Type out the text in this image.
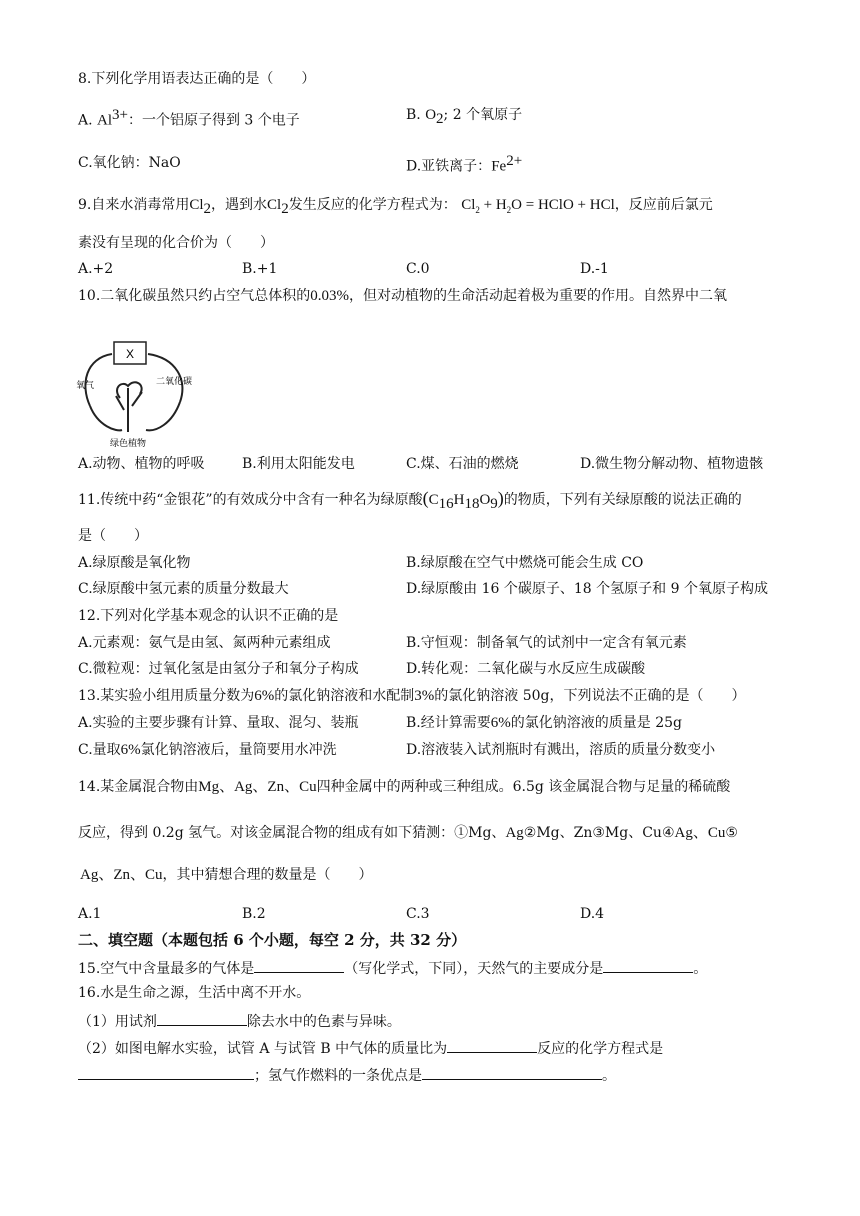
8.下列化学用语表达正确的是（　　）
A. $Al^{3+}$：一个铝原子得到 3 个电子	B. $O_2$; 2 个氧原子
C.氧化钠：NaO	D.亚铁离子：$Fe^{2+}$
9.自来水消毒常用$Cl_2$，遇到水$Cl_2$发生反应的化学方程式为： $Cl_2 + H_2O$ = HClO + HCl，反应前后氯元
素没有呈现的化合价为（　　）
A.+2	B.+1	C.0	D.-1
10.二氧化碳虽然只约占空气总体积的0.03%，但对动植物的生命活动起着极为重要的作用。自然界中二氧
X
氧气	二氧化碳
绿色植物
A.动物、植物的呼吸	B.利用太阳能发电	C.煤、石油的燃烧	D.微生物分解动物、植物遗骸
11.传统中药“金银花”的有效成分中含有一种名为绿原酸$(C_{16}H_{18}O_9)$的物质，下列有关绿原酸的说法正确的
是（　　）
A.绿原酸是氧化物	B.绿原酸在空气中燃烧可能会生成 CO
C.绿原酸中氢元素的质量分数最大	D.绿原酸由 16 个碳原子、18 个氢原子和 9 个氧原子构成
12.下列对化学基本观念的认识不正确的是
A.元素观：氨气是由氢、氮两种元素组成	B.守恒观：制备氧气的试剂中一定含有氧元素
C.微粒观：过氧化氢是由氢分子和氧分子构成	D.转化观：二氧化碳与水反应生成碳酸
13.某实验小组用质量分数为6%的氯化钠溶液和水配制3%的氯化钠溶液 50g，下列说法不正确的是（　　）
A.实验的主要步骤有计算、量取、混匀、装瓶	B.经计算需要6%的氯化钠溶液的质量是 25g
C.量取6%氯化钠溶液后，量筒要用水冲洗	D.溶液装入试剂瓶时有溅出，溶质的质量分数变小
14.某金属混合物由Mg、Ag、Zn、Cu四种金属中的两种或三种组成。6.5g 该金属混合物与足量的稀硫酸
反应，得到 0.2g 氢气。对该金属混合物的组成有如下猜测：①Mg、Ag②Mg、Zn③Mg、Cu④Ag、Cu⑤
Ag、Zn、Cu，其中猜想合理的数量是（　　）
A.1	B.2	C.3	D.4
二、填空题（本题包括 6 个小题，每空 2 分，共 32 分）
15.空气中含量最多的气体是	（写化学式，下同），天然气的主要成分是	。
16.水是生命之源，生活中离不开水。
（1）用试剂	除去水中的色素与异味。
（2）如图电解水实验，试管 A 与试管 B 中气体的质量比为	反应的化学方程式是
；氢气作燃料的一条优点是	。
